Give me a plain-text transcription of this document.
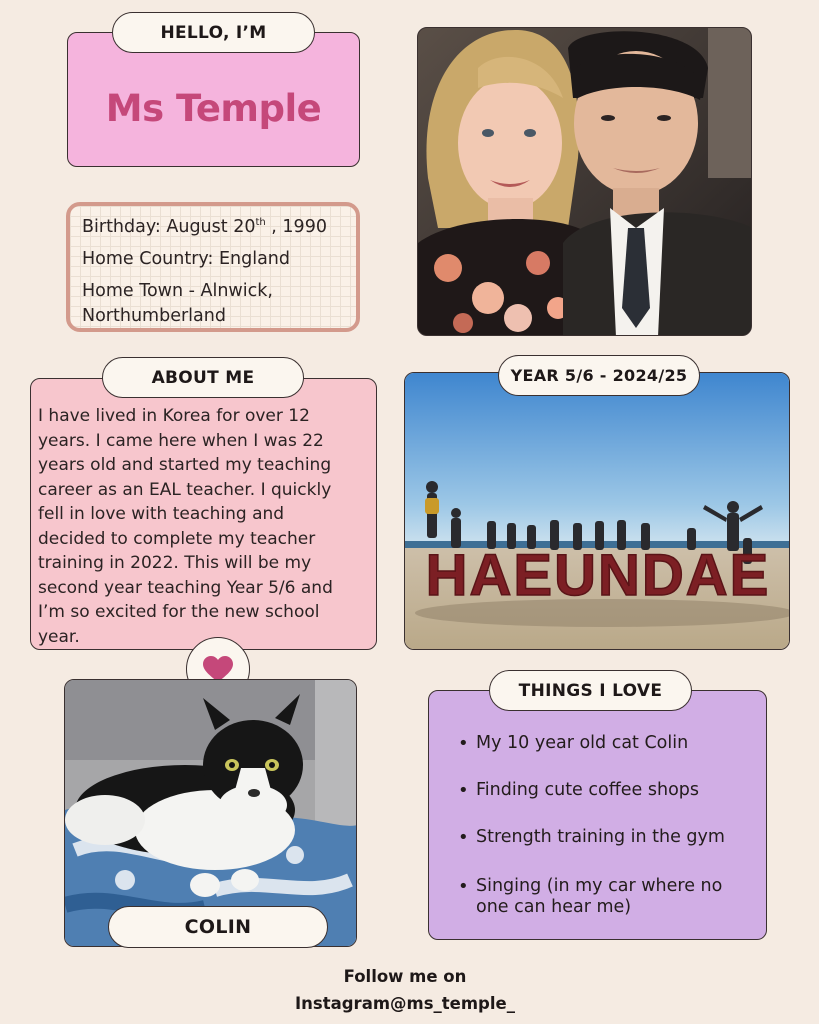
Ms Temple
HELLO, I’M
Birthday: August 20th , 1990
Home Country: England
Home Town - Alnwick,
Northumberland
ABOUT ME
I have lived in Korea for over 12
years. I came here when I was 22
years old and started my teaching
career as an EAL teacher. I quickly
fell in love with teaching and
decided to complete my teacher
training in 2022. This will be my
second year teaching Year 5/6 and
I’m so excited for the new school
year.
HAEUNDAE
YEAR 5/6 - 2024/25
COLIN
THINGS I LOVE
• My 10 year old cat Colin
• Finding cute coffee shops
• Strength training in the gym
• Singing (in my car where no
one can hear me)
Follow me on
Instagram@ms_temple_
